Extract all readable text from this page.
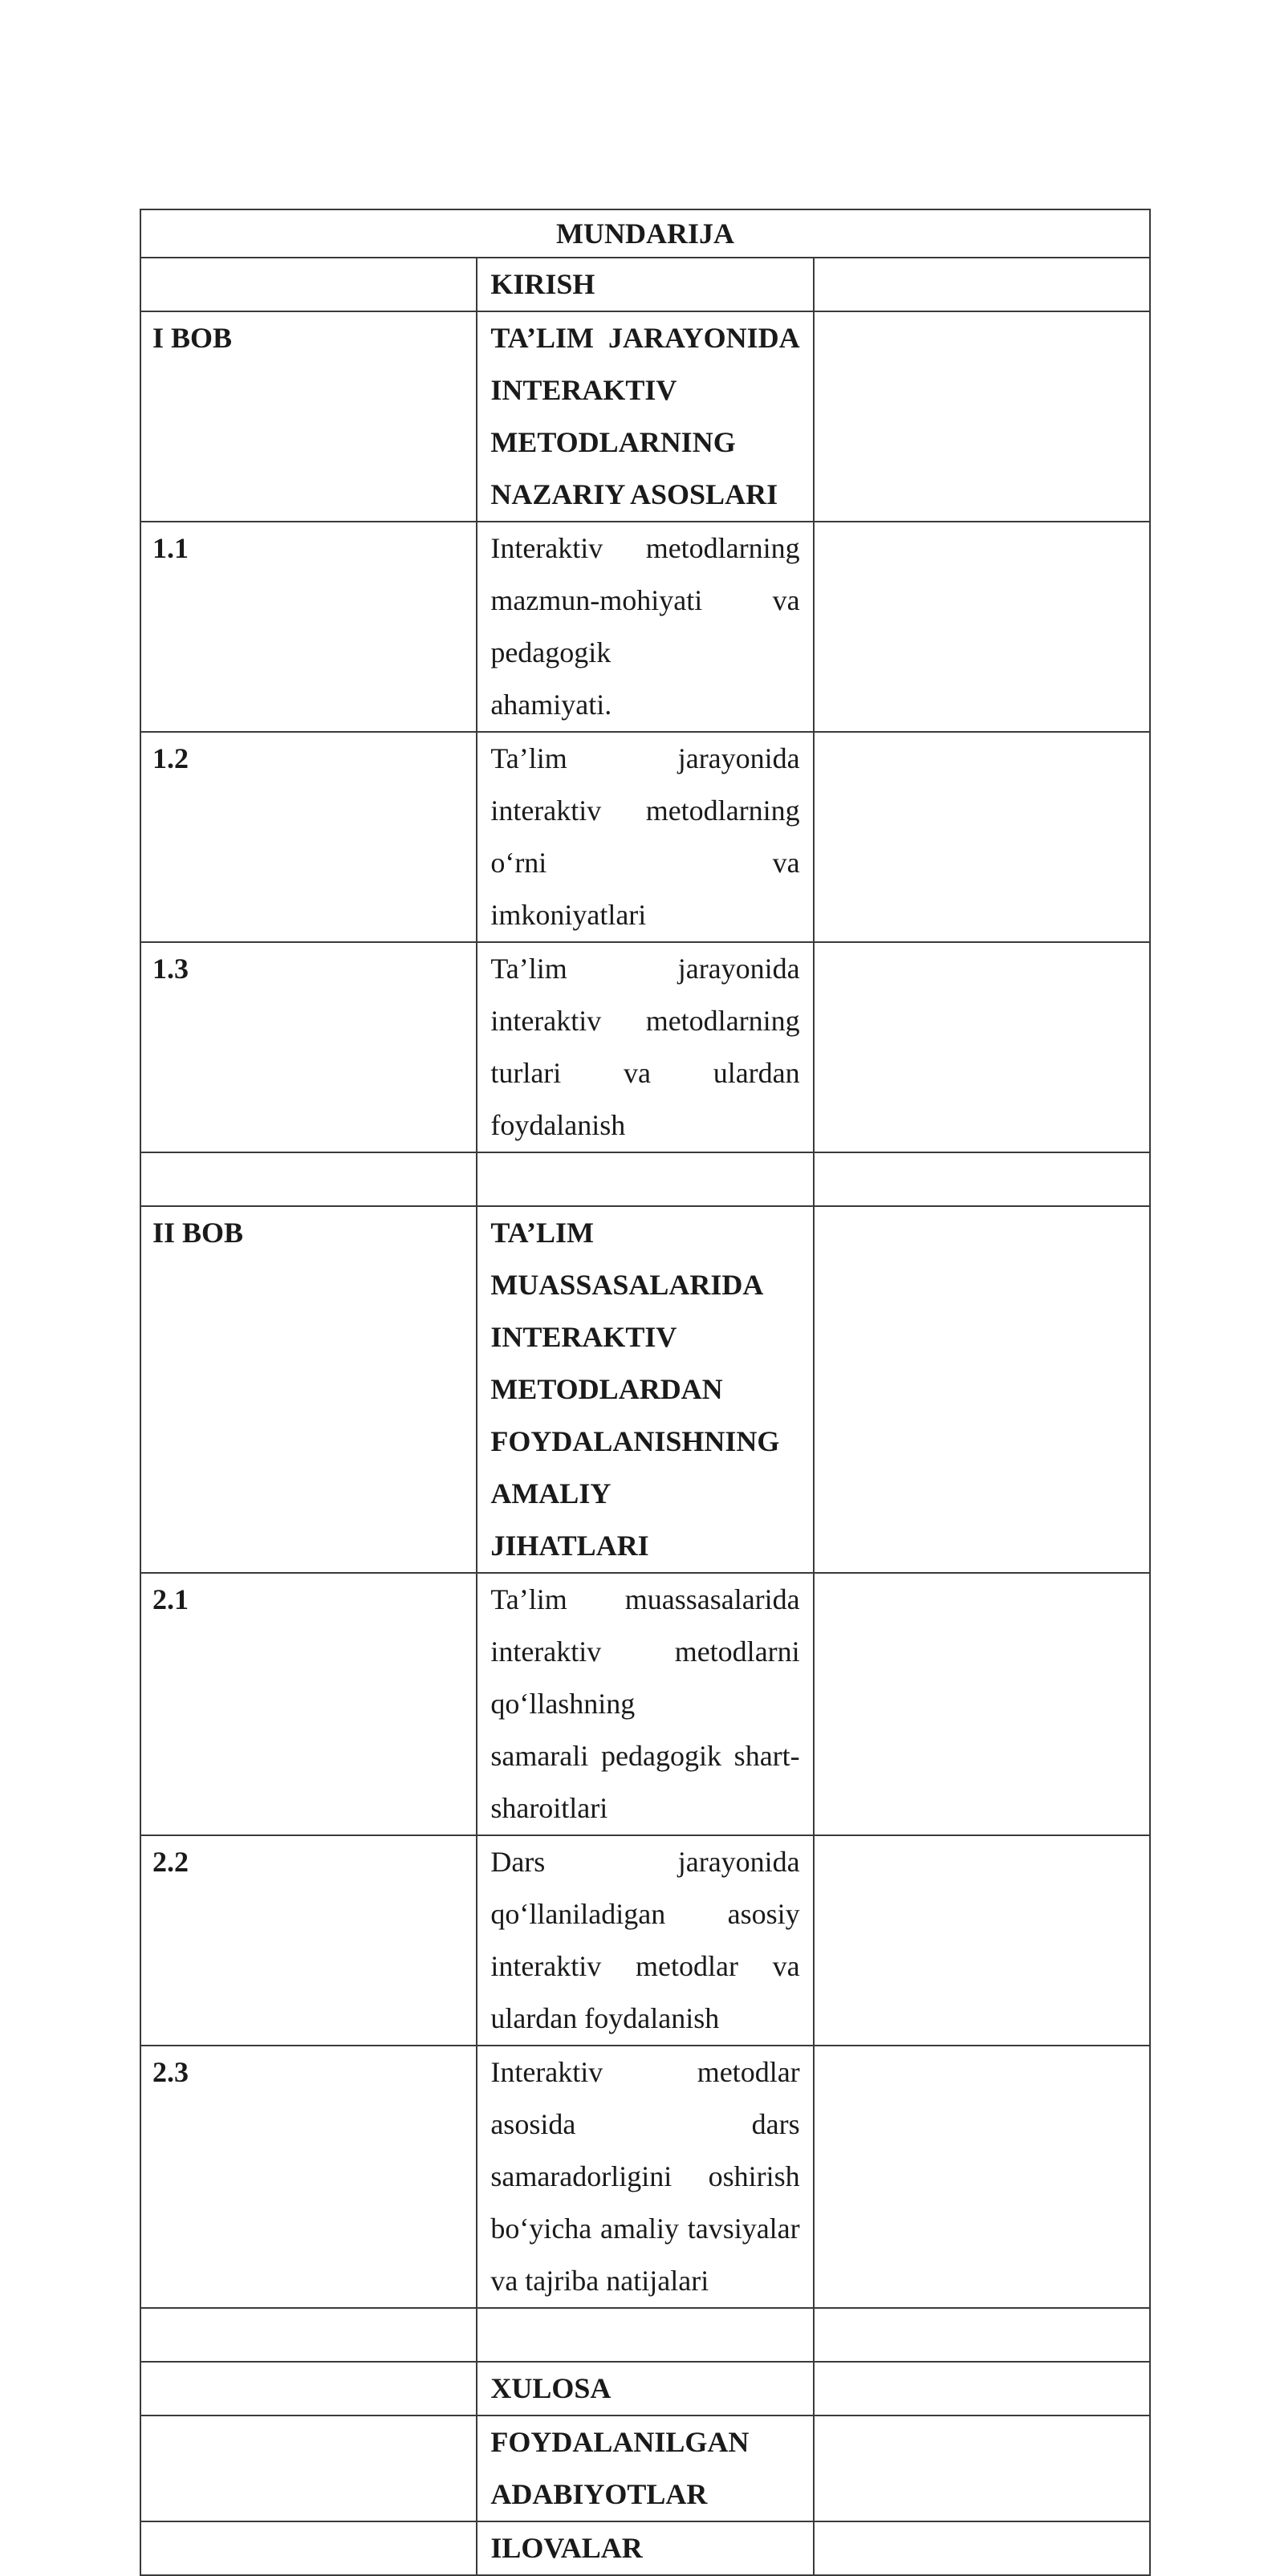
MUNDARIJA		
	KIRISH	
I BOB	TA’LIM JARAYONIDA INTERAKTIV
METODLARNING NAZARIY ASOSLARI	
1.1	Interaktiv metodlarning mazmun-mohiyati va pedagogik
ahamiyati.	
1.2	Ta’lim jarayonida interaktiv metodlarning o‘rni va
imkoniyatlari	
1.3	Ta’lim jarayonida interaktiv metodlarning turlari va ulardan
foydalanish	

II BOB	TA’LIM MUASSASALARIDA INTERAKTIV
METODLARDAN FOYDALANISHNING AMALIY
JIHATLARI	
2.1	Ta’lim muassasalarida interaktiv metodlarni qo‘llashning
samarali pedagogik shart-sharoitlari	
2.2	Dars jarayonida qo‘llaniladigan asosiy interaktiv metodlar va
ulardan foydalanish	
2.3	Interaktiv metodlar asosida dars samaradorligini oshirish
bo‘yicha amaliy tavsiyalar va tajriba natijalari	

	XULOSA	
	FOYDALANILGAN ADABIYOTLAR	
	ILOVALAR	
